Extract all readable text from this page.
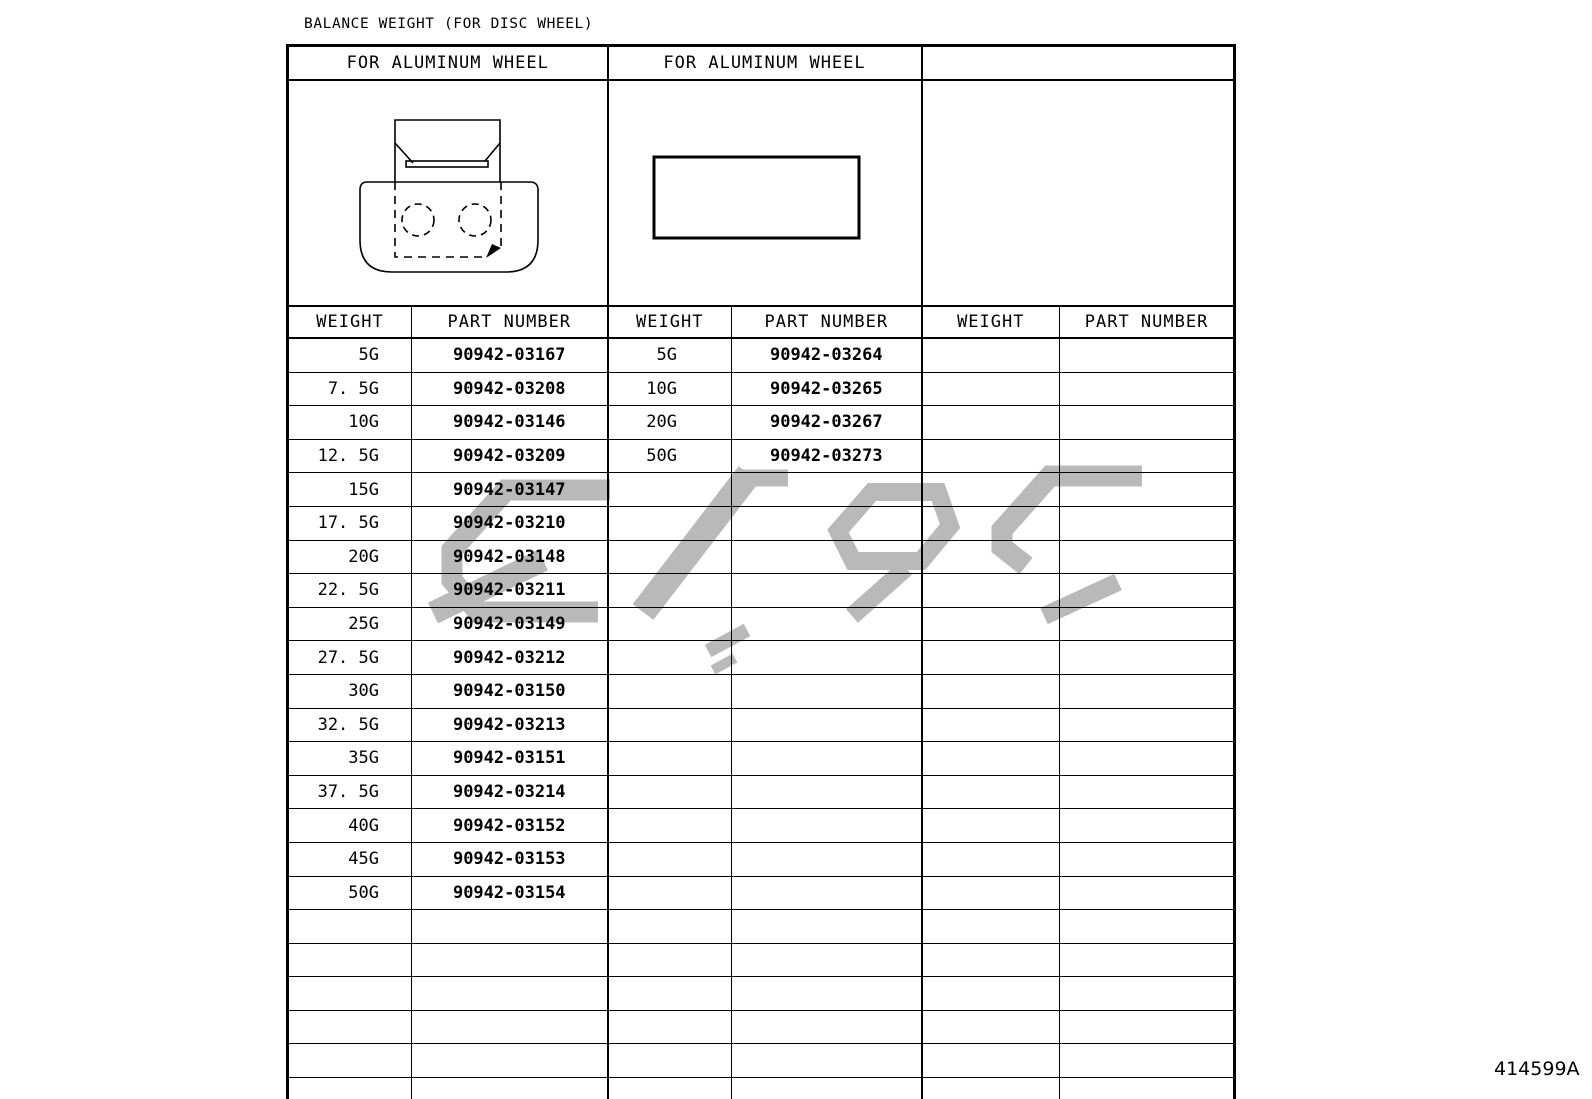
BALANCE WEIGHT (FOR DISC WHEEL)
FOR ALUMINUM WHEEL		FOR ALUMINUM WHEEL			

WEIGHT	PART NUMBER	WEIGHT	PART NUMBER	WEIGHT	PART NUMBER
5G	90942-03167	5G	90942-03264		
7. 5G	90942-03208	10G	90942-03265		
10G	90942-03146	20G	90942-03267		
12. 5G	90942-03209	50G	90942-03273		
15G	90942-03147				
17. 5G	90942-03210				
20G	90942-03148				
22. 5G	90942-03211				
25G	90942-03149				
27. 5G	90942-03212				
30G	90942-03150				
32. 5G	90942-03213				
35G	90942-03151				
37. 5G	90942-03214				
40G	90942-03152				
45G	90942-03153				
50G	90942-03154				

414599A
